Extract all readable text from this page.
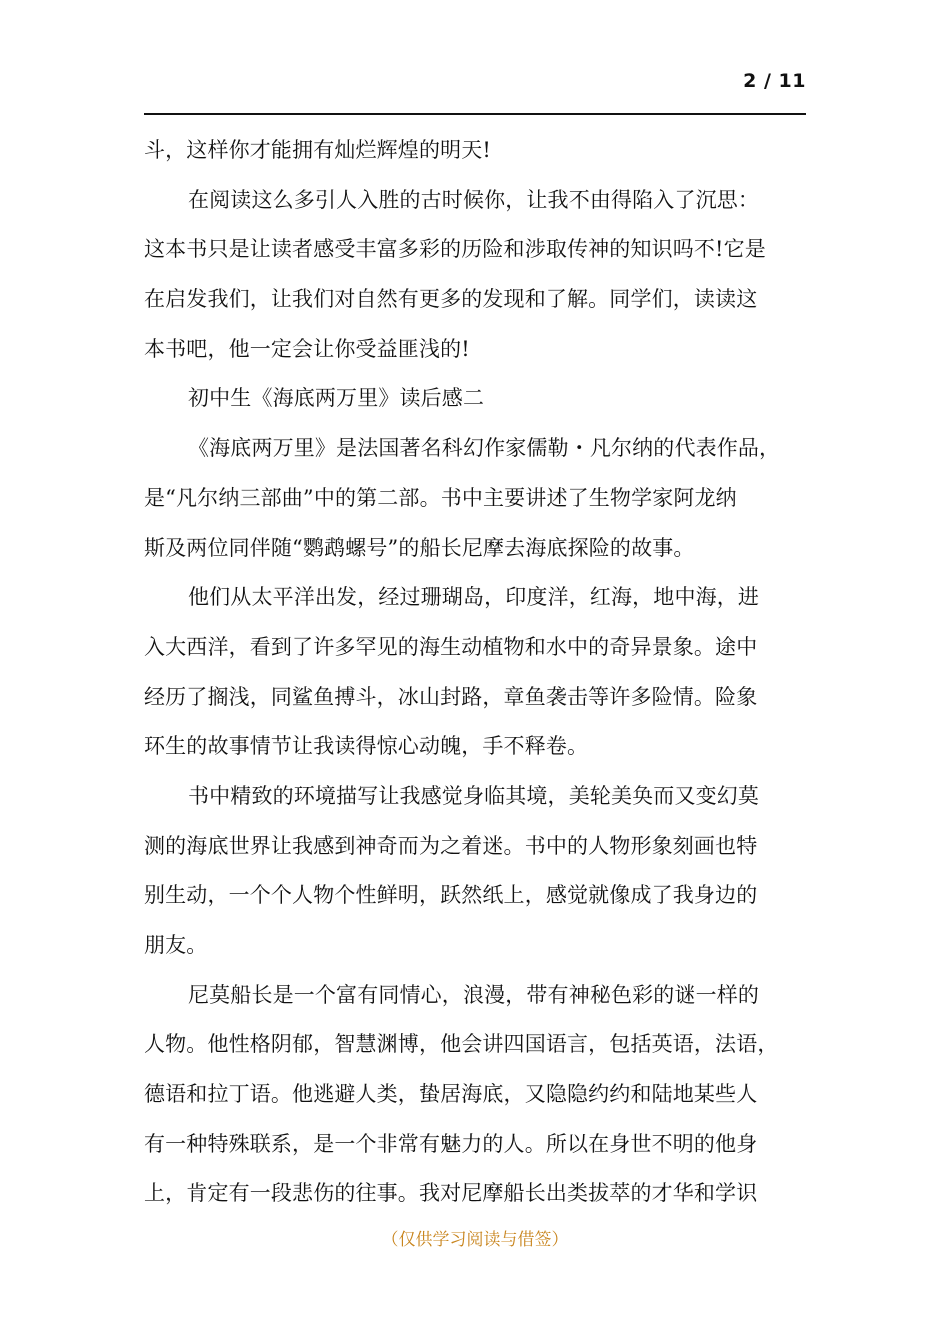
2 / 11
斗，这样你才能拥有灿烂辉煌的明天!
在阅读这么多引人入胜的古时候你，让我不由得陷入了沉思：
这本书只是让读者感受丰富多彩的历险和涉取传神的知识吗不!它是
在启发我们，让我们对自然有更多的发现和了解。同学们，读读这
本书吧，他一定会让你受益匪浅的!
初中生《海底两万里》读后感二
《海底两万里》是法国著名科幻作家儒勒・凡尔纳的代表作品，
是“凡尔纳三部曲”中的第二部。书中主要讲述了生物学家阿龙纳
斯及两位同伴随“鹦鹉螺号”的船长尼摩去海底探险的故事。
他们从太平洋出发，经过珊瑚岛，印度洋，红海，地中海，进
入大西洋，看到了许多罕见的海生动植物和水中的奇异景象。途中
经历了搁浅，同鲨鱼搏斗，冰山封路，章鱼袭击等许多险情。险象
环生的故事情节让我读得惊心动魄，手不释卷。
书中精致的环境描写让我感觉身临其境，美轮美奂而又变幻莫
测的海底世界让我感到神奇而为之着迷。书中的人物形象刻画也特
别生动，一个个人物个性鲜明，跃然纸上，感觉就像成了我身边的
朋友。
尼莫船长是一个富有同情心，浪漫，带有神秘色彩的谜一样的
人物。他性格阴郁，智慧渊博，他会讲四国语言，包括英语，法语，
德语和拉丁语。他逃避人类，蛰居海底，又隐隐约约和陆地某些人
有一种特殊联系，是一个非常有魅力的人。所以在身世不明的他身
上，肯定有一段悲伤的往事。我对尼摩船长出类拔萃的才华和学识
（仅供学习阅读与借签）
